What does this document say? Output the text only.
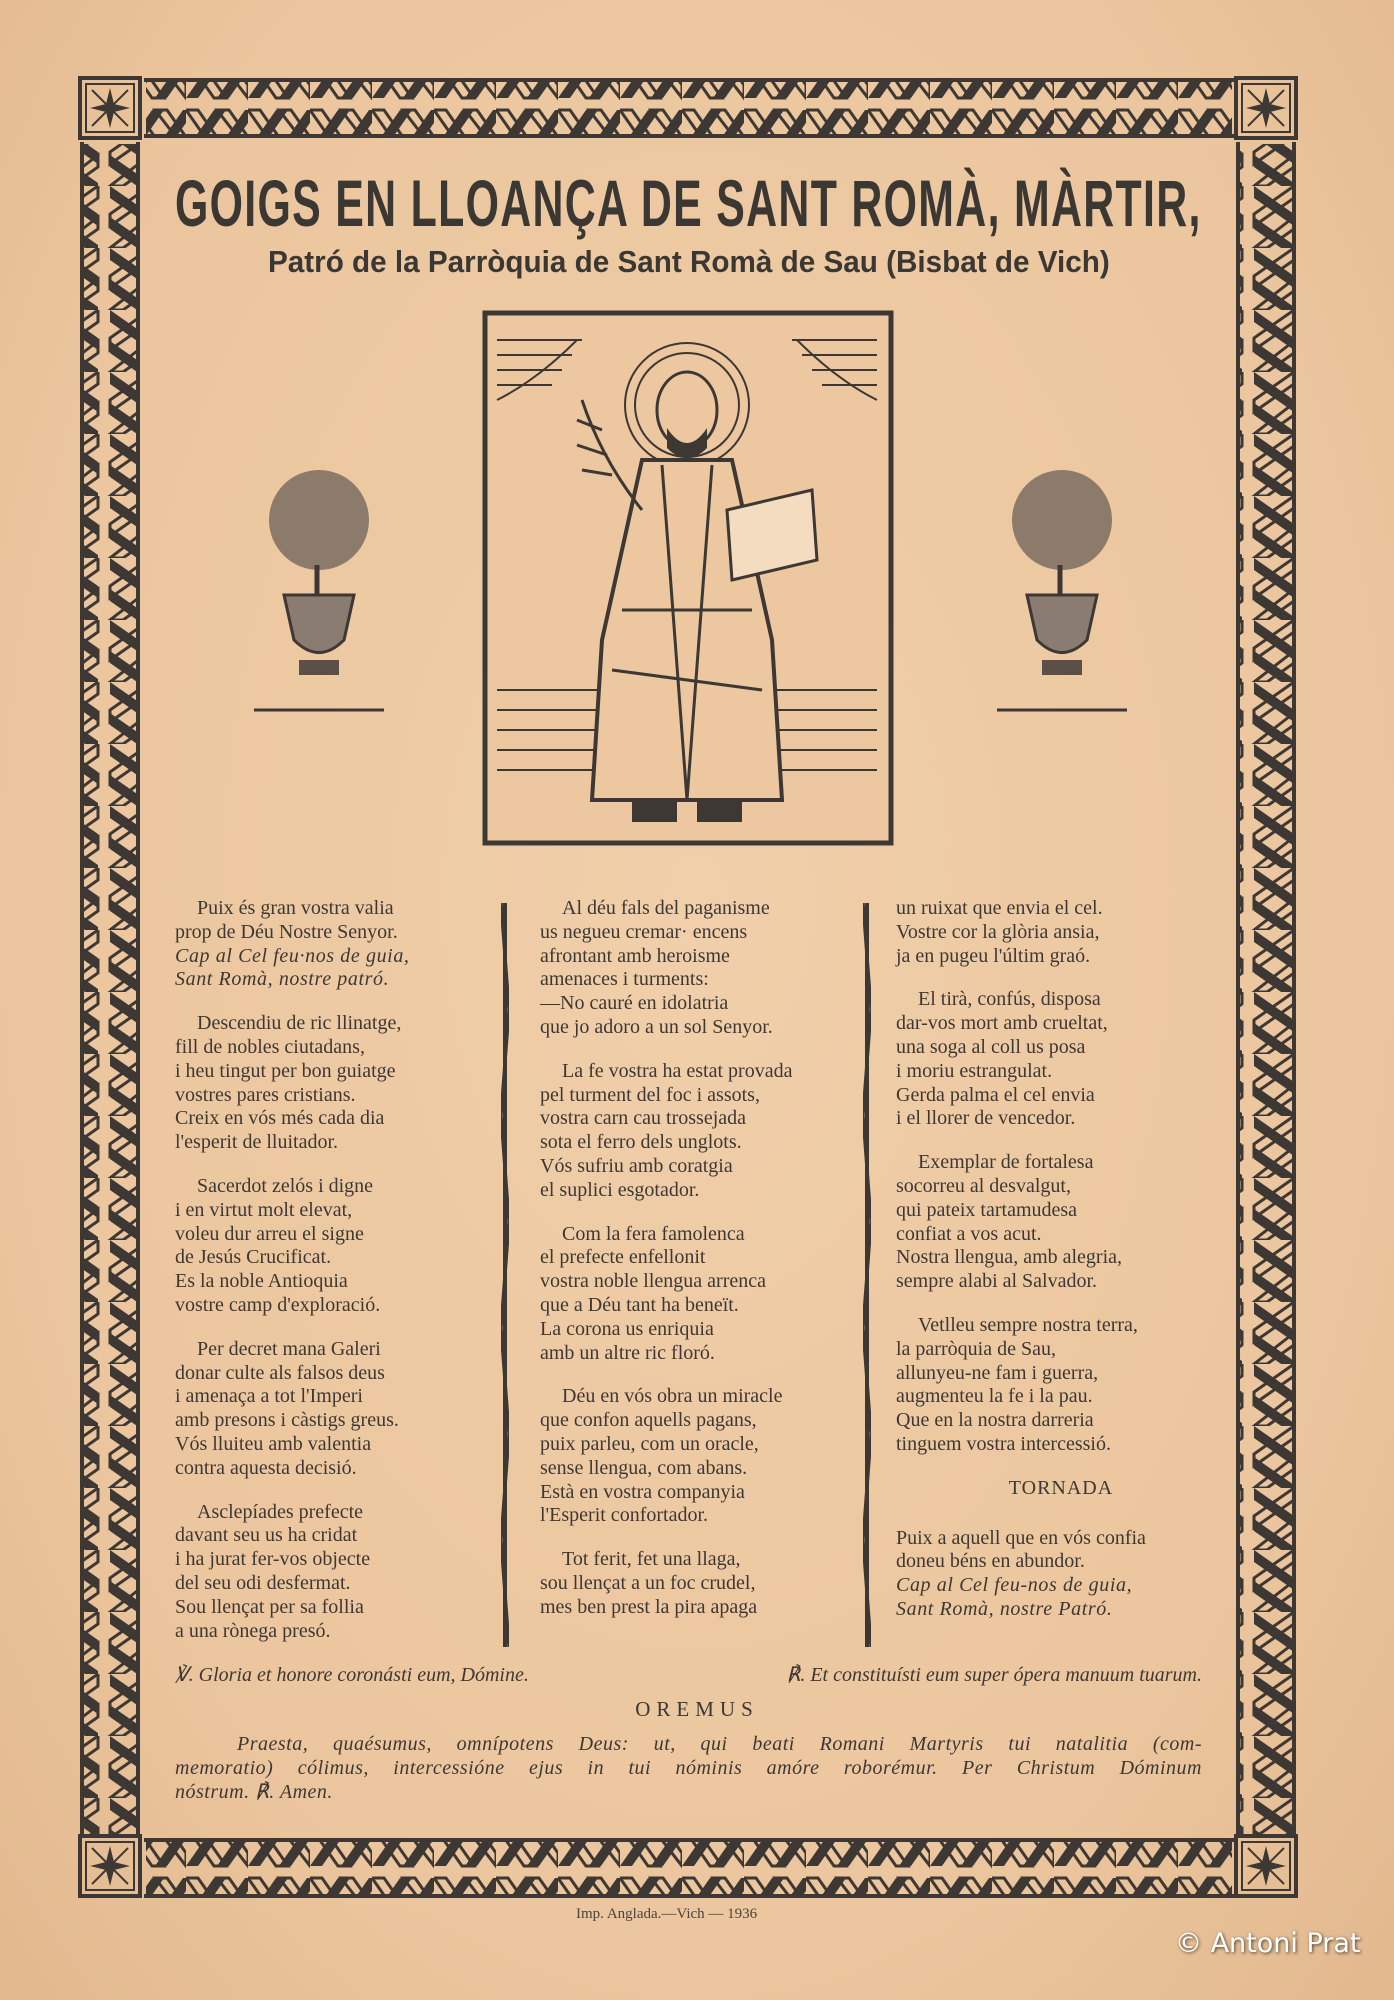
GOIGS EN LLOANÇA DE SANT ROMÀ, MÀRTIR,
Patró de la Parròquia de Sant Romà de Sau (Bisbat de Vich)
Puix és gran vostra valia
prop de Déu Nostre Senyor.
Cap al Cel feu·nos de guia,
Sant Romà, nostre patró.
Descendiu de ric llinatge,
fill de nobles ciutadans,
i heu tingut per bon guiatge
vostres pares cristians.
Creix en vós més cada dia
l'esperit de lluitador.
Sacerdot zelós i digne
i en virtut molt elevat,
voleu dur arreu el signe
de Jesús Crucificat.
Es la noble Antioquia
vostre camp d'exploració.
Per decret mana Galeri
donar culte als falsos deus
i amenaça a tot l'Imperi
amb presons i càstigs greus.
Vós lluiteu amb valentia
contra aquesta decisió.
Asclepíades prefecte
davant seu us ha cridat
i ha jurat fer-vos objecte
del seu odi desfermat.
Sou llençat per sa follia
a una rònega presó.
Al déu fals del paganisme
us negueu cremar· encens
afrontant amb heroisme
amenaces i turments:
—No cauré en idolatria
que jo adoro a un sol Senyor.
La fe vostra ha estat provada
pel turment del foc i assots,
vostra carn cau trossejada
sota el ferro dels unglots.
Vós sufriu amb coratgia
el suplici esgotador.
Com la fera famolenca
el prefecte enfellonit
vostra noble llengua arrenca
que a Déu tant ha beneït.
La corona us enriquia
amb un altre ric floró.
Déu en vós obra un miracle
que confon aquells pagans,
puix parleu, com un oracle,
sense llengua, com abans.
Està en vostra companyia
l'Esperit confortador.
Tot ferit, fet una llaga,
sou llençat a un foc crudel,
mes ben prest la pira apaga
un ruixat que envia el cel.
Vostre cor la glòria ansia,
ja en pugeu l'últim graó.
El tirà, confús, disposa
dar-vos mort amb crueltat,
una soga al coll us posa
i moriu estrangulat.
Gerda palma el cel envia
i el llorer de vencedor.
Exemplar de fortalesa
socorreu al desvalgut,
qui pateix tartamudesa
confiat a vos acut.
Nostra llengua, amb alegria,
sempre alabi al Salvador.
Vetlleu sempre nostra terra,
la parròquia de Sau,
allunyeu-ne fam i guerra,
augmenteu la fe i la pau.
Que en la nostra darreria
tinguem vostra intercessió.
TORNADA
Puix a aquell que en vós confia
doneu béns en abundor.
Cap al Cel feu-nos de guia,
Sant Romà, nostre Patró.
℣. Gloria et honore coronásti eum, Dómine.	℟. Et constituísti eum super ópera manuum tuarum.
OREMUS
Praesta, quaésumus, omnípotens Deus: ut, qui beati Romani Martyris tui natalitia (com-
memoratio) cólimus, intercessióne ejus in tui nóminis amóre roborémur. Per Christum Dóminum
nóstrum. ℟. Amen.
Imp. Anglada.—Vich — 1936
© Antoni Prat
